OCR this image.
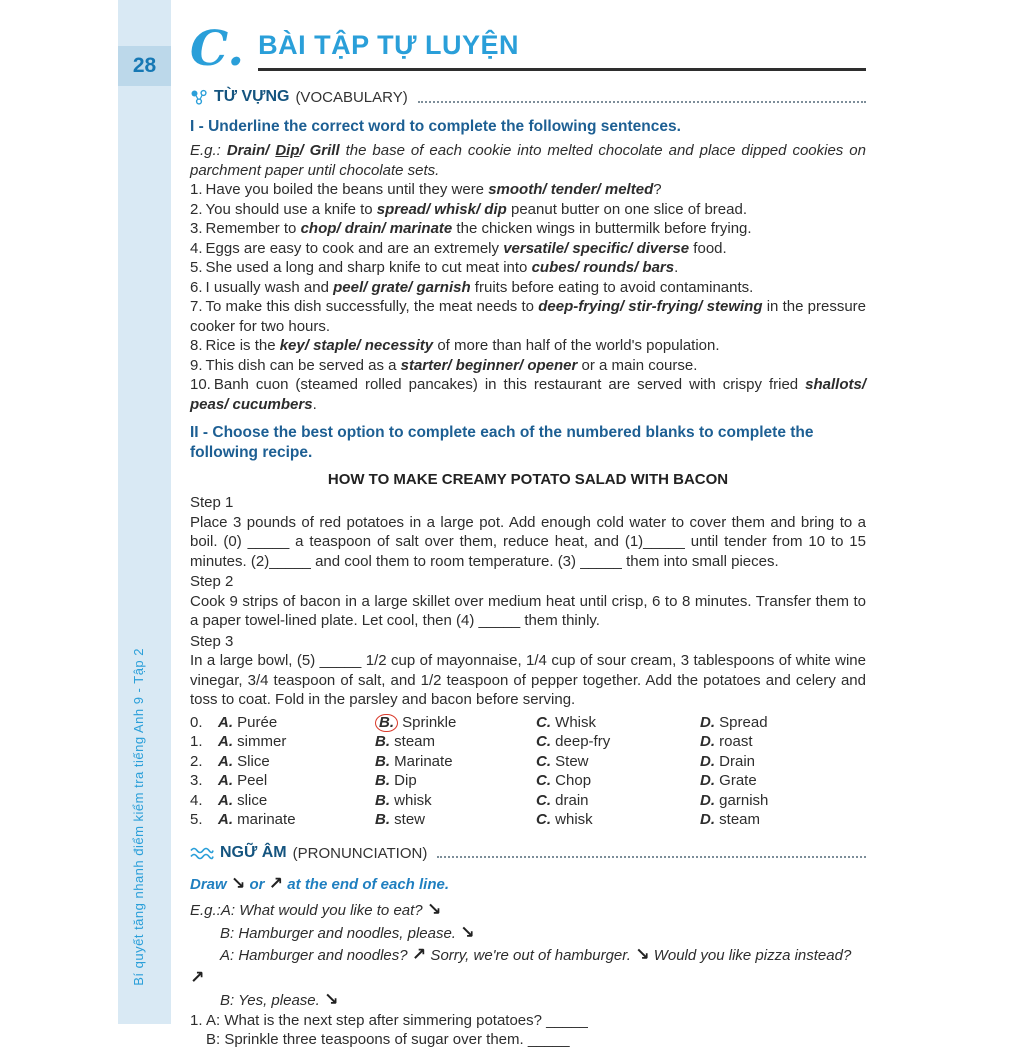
28
Bí quyết tăng nhanh điểm kiểm tra tiếng Anh 9 - Tập 2
C. BÀI TẬP TỰ LUYỆN
TỪ VỰNG (VOCABULARY)

I - Underline the correct word to complete the following sentences.

E.g.: Drain/ Dip/ Grill the base of each cookie into melted chocolate and place dipped cookies on parchment paper until chocolate sets.

1. Have you boiled the beans until they were smooth/ tender/ melted?

2. You should use a knife to spread/ whisk/ dip peanut butter on one slice of bread.

3. Remember to chop/ drain/ marinate the chicken wings in buttermilk before frying.

4. Eggs are easy to cook and are an extremely versatile/ specific/ diverse food.

5. She used a long and sharp knife to cut meat into cubes/ rounds/ bars.

6. I usually wash and peel/ grate/ garnish fruits before eating to avoid contaminants.

7. To make this dish successfully, the meat needs to deep-frying/ stir-frying/ stewing in the pressure cooker for two hours.

8. Rice is the key/ staple/ necessity of more than half of the world's population.

9. This dish can be served as a starter/ beginner/ opener or a main course.

10. Banh cuon (steamed rolled pancakes) in this restaurant are served with crispy fried shallots/ peas/ cucumbers.

II - Choose the best option to complete each of the numbered blanks to complete the following recipe.

HOW TO MAKE CREAMY POTATO SALAD WITH BACON

Step 1

Place 3 pounds of red potatoes in a large pot. Add enough cold water to cover them and bring to a boil. (0) _____ a teaspoon of salt over them, reduce heat, and (1)_____ until tender from 10 to 15 minutes. (2)_____ and cool them to room temperature. (3) _____ them into small pieces.

Step 2

Cook 9 strips of bacon in a large skillet over medium heat until crisp, 6 to 8 minutes. Transfer them to a paper towel-lined plate. Let cool, then (4) _____ them thinly.

Step 3

In a large bowl, (5) _____ 1/2 cup of mayonnaise, 1/4 cup of sour cream, 3 tablespoons of white wine vinegar, 3/4 teaspoon of salt, and 1/2 teaspoon of pepper together. Add the potatoes and celery and toss to coat. Fold in the parsley and bacon before serving.

0.	A. Purée	B. Sprinkle	C. Whisk	D. Spread
1.	A. simmer	B. steam	C. deep-fry	D. roast
2.	A. Slice	B. Marinate	C. Stew	D. Drain
3.	A. Peel	B. Dip	C. Chop	D. Grate
4.	A. slice	B. whisk	C. drain	D. garnish
5.	A. marinate	B. stew	C. whisk	D. steam
NGỮ ÂM (PRONUNCIATION)

Draw ↘ or ↗ at the end of each line.

E.g.:A: What would you like to eat? ↘
B: Hamburger and noodles, please. ↘
A: Hamburger and noodles? ↗ Sorry, we're out of hamburger. ↘ Would you like pizza instead? ↗
B: Yes, please. ↘
1. A: What is the next step after simmering potatoes? _____
B: Sprinkle three teaspoons of sugar over them. _____
